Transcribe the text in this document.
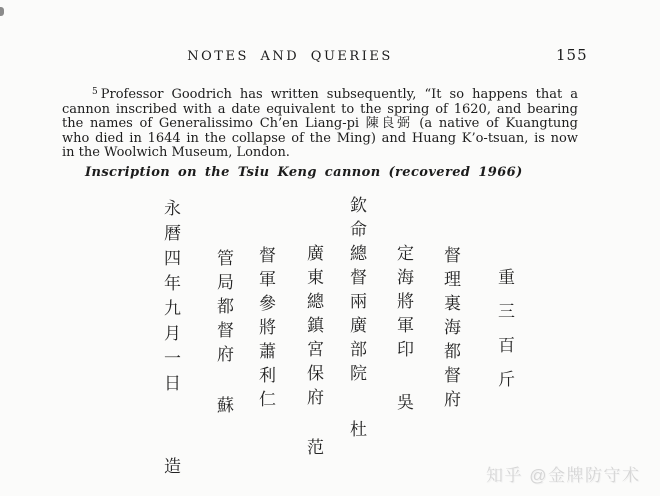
NOTES AND QUERIES	155
$^5$ Professor Goodrich has written subsequently, “It so happens that a
cannon inscribed with a date equivalent to the spring of 1620, and bearing
the names of Generalissimo Ch’en Liang-pi 陳良弼 (a native of Kuangtung
who died in 1644 in the collapse of the Ming) and Huang K’o-tsuan, is now
in the Woolwich Museum, London.
Inscription on the Tsiu Keng cannon (recovered 1966)
重三百斤
督理裏海都督府
定海將軍印吳
欽命總督兩廣部院杜
廣東總鎮宮保府范
督軍參將蕭利仁
管局都督府蘇
永曆四年九月一日造	知乎 @金牌防守术
